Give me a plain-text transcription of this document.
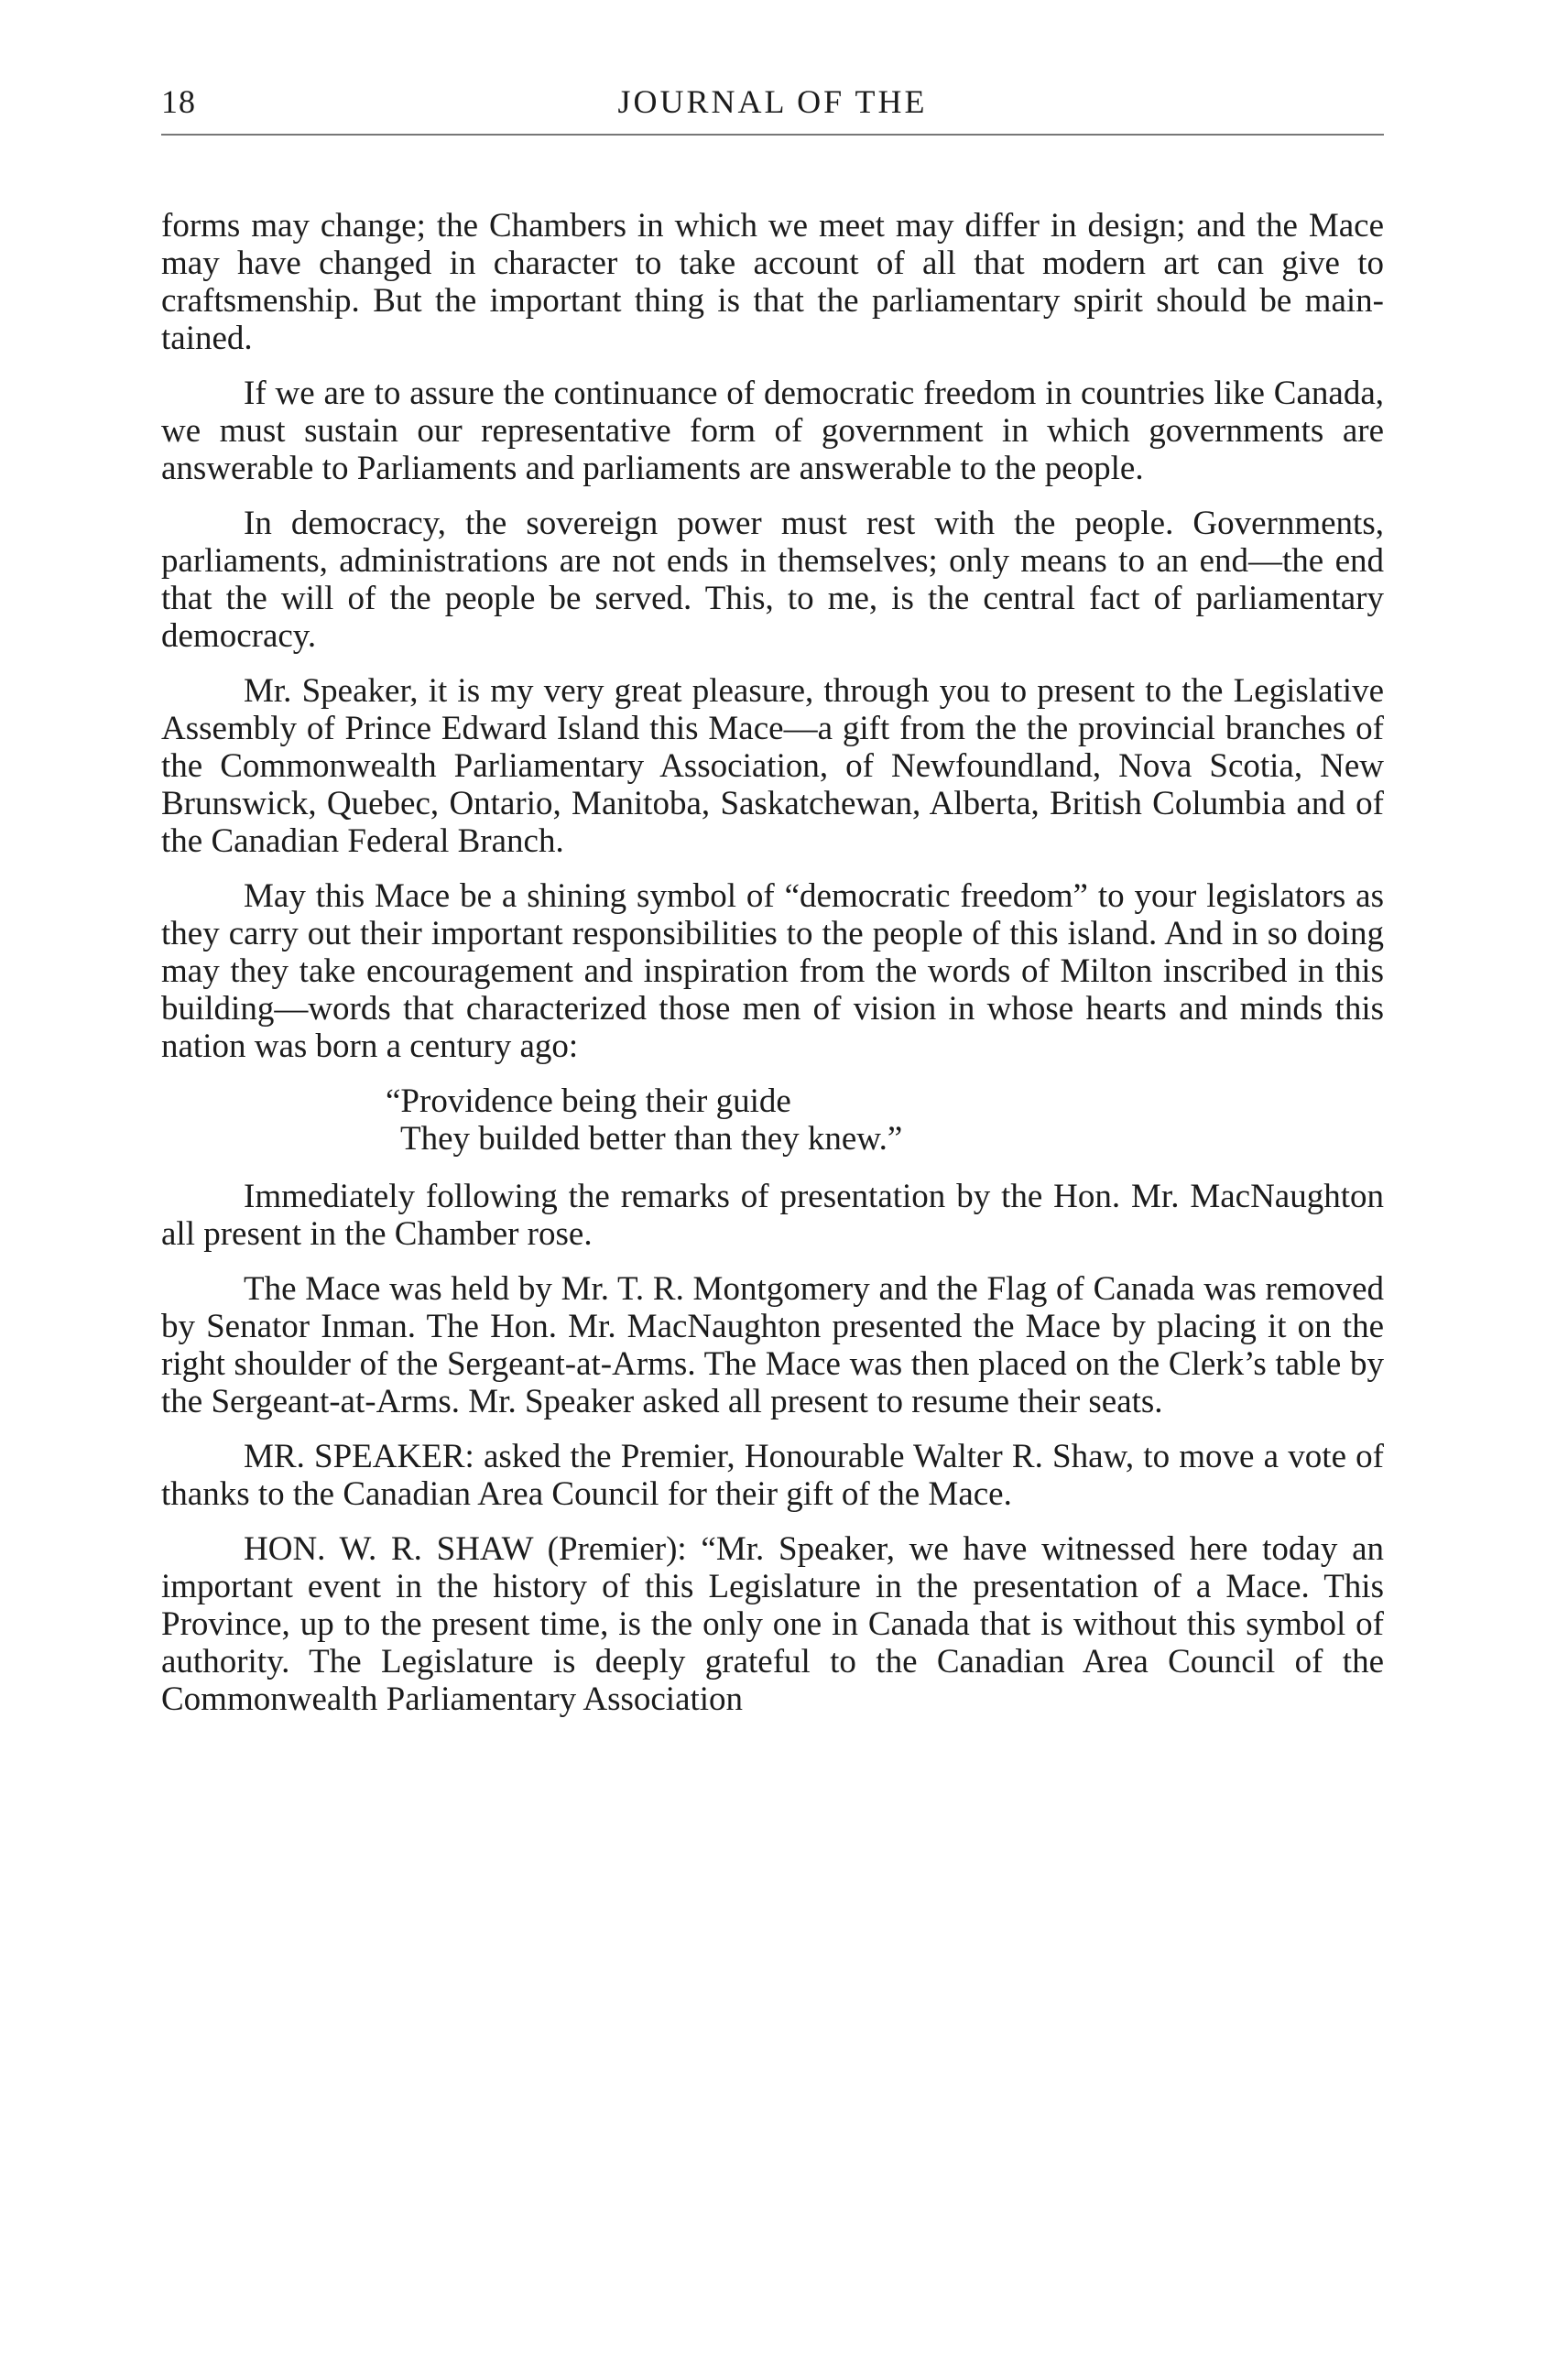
18	JOURNAL OF THE

forms may change; the Chambers in which we meet may differ in design; and the Mace may have changed in character to take account of all that modern art can give to craftsmenship. But the important thing is that the parliamentary spirit should be maintained.

If we are to assure the continuance of democratic freedom in countries like Canada, we must sustain our representative form of government in which governments are answerable to Parliaments and parliaments are answerable to the people.

In democracy, the sovereign power must rest with the people. Governments, parliaments, administrations are not ends in themselves; only means to an end—the end that the will of the people be served. This, to me, is the central fact of parliamentary democracy.

Mr. Speaker, it is my very great pleasure, through you to present to the Legislative Assembly of Prince Edward Island this Mace—a gift from the the provincial branches of the Commonwealth Parliamentary Association, of Newfoundland, Nova Scotia, New Brunswick, Quebec, Ontario, Manitoba, Saskatchewan, Alberta, British Columbia and of the Canadian Federal Branch.

May this Mace be a shining symbol of “democratic freedom” to your legislators as they carry out their important responsibilities to the people of this island. And in so doing may they take encouragement and inspiration from the words of Milton inscribed in this building—words that characterized those men of vision in whose hearts and minds this nation was born a century ago:

“Providence being their guide
They builded better than they knew.”

Immediately following the remarks of presentation by the Hon. Mr. MacNaughton all present in the Chamber rose.

The Mace was held by Mr. T. R. Montgomery and the Flag of Canada was removed by Senator Inman. The Hon. Mr. MacNaughton presented the Mace by placing it on the right shoulder of the Sergeant-at-Arms. The Mace was then placed on the Clerk’s table by the Sergeant-at-Arms. Mr. Speaker asked all present to resume their seats.

MR. SPEAKER: asked the Premier, Honourable Walter R. Shaw, to move a vote of thanks to the Canadian Area Council for their gift of the Mace.

HON. W. R. SHAW (Premier): “Mr. Speaker, we have witnessed here today an important event in the history of this Legislature in the presentation of a Mace. This Province, up to the present time, is the only one in Canada that is without this symbol of authority. The Legislature is deeply grateful to the Canadian Area Council of the Commonwealth Parliamentary Association
